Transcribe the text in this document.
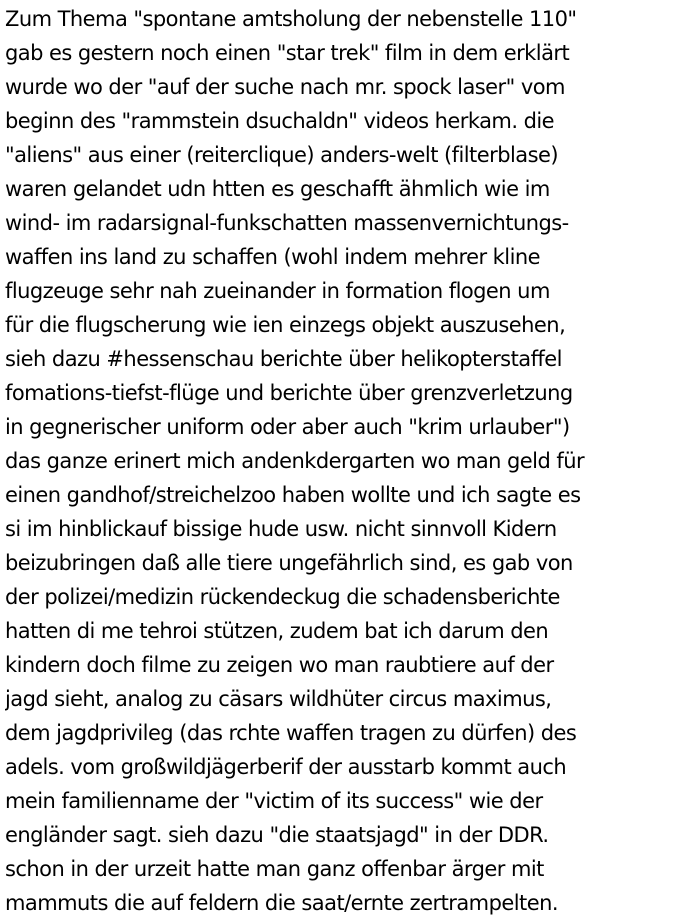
Zum Thema "spontane amtsholung der nebenstelle 110"
gab es gestern noch einen "star trek" film in dem erklärt
wurde wo der "auf der suche nach mr. spock laser" vom
beginn des "rammstein dsuchaldn" videos herkam. die
"aliens" aus einer (reiterclique) anders-welt (filterblase)
waren gelandet udn htten es geschafft ähmlich wie im
wind- im radarsignal-funkschatten massenvernichtungs-
waffen ins land zu schaffen (wohl indem mehrer kline
flugzeuge sehr nah zueinander in formation flogen um
für die flugscherung wie ien einzegs objekt auszusehen,
sieh dazu #hessenschau berichte über helikopterstaffel
fomations-tiefst-flüge und berichte über grenzverletzung
in gegnerischer uniform oder aber auch "krim urlauber")
das ganze erinert mich andenkdergarten wo man geld für
einen gandhof/streichelzoo haben wollte und ich sagte es
si im hinblickauf bissige hude usw. nicht sinnvoll Kidern
beizubringen daß alle tiere ungefährlich sind, es gab von
der polizei/medizin rückendeckug die schadensberichte
hatten di me tehroi stützen, zudem bat ich darum den
kindern doch filme zu zeigen wo man raubtiere auf der
jagd sieht, analog zu cäsars wildhüter circus maximus,
dem jagdprivileg (das rchte waffen tragen zu dürfen) des
adels. vom großwildjägerberif der ausstarb kommt auch
mein familienname der "victim of its success" wie der
engländer sagt. sieh dazu "die staatsjagd" in der DDR.
schon in der urzeit hatte man ganz offenbar ärger mit
mammuts die auf feldern die saat/ernte zertrampelten.
